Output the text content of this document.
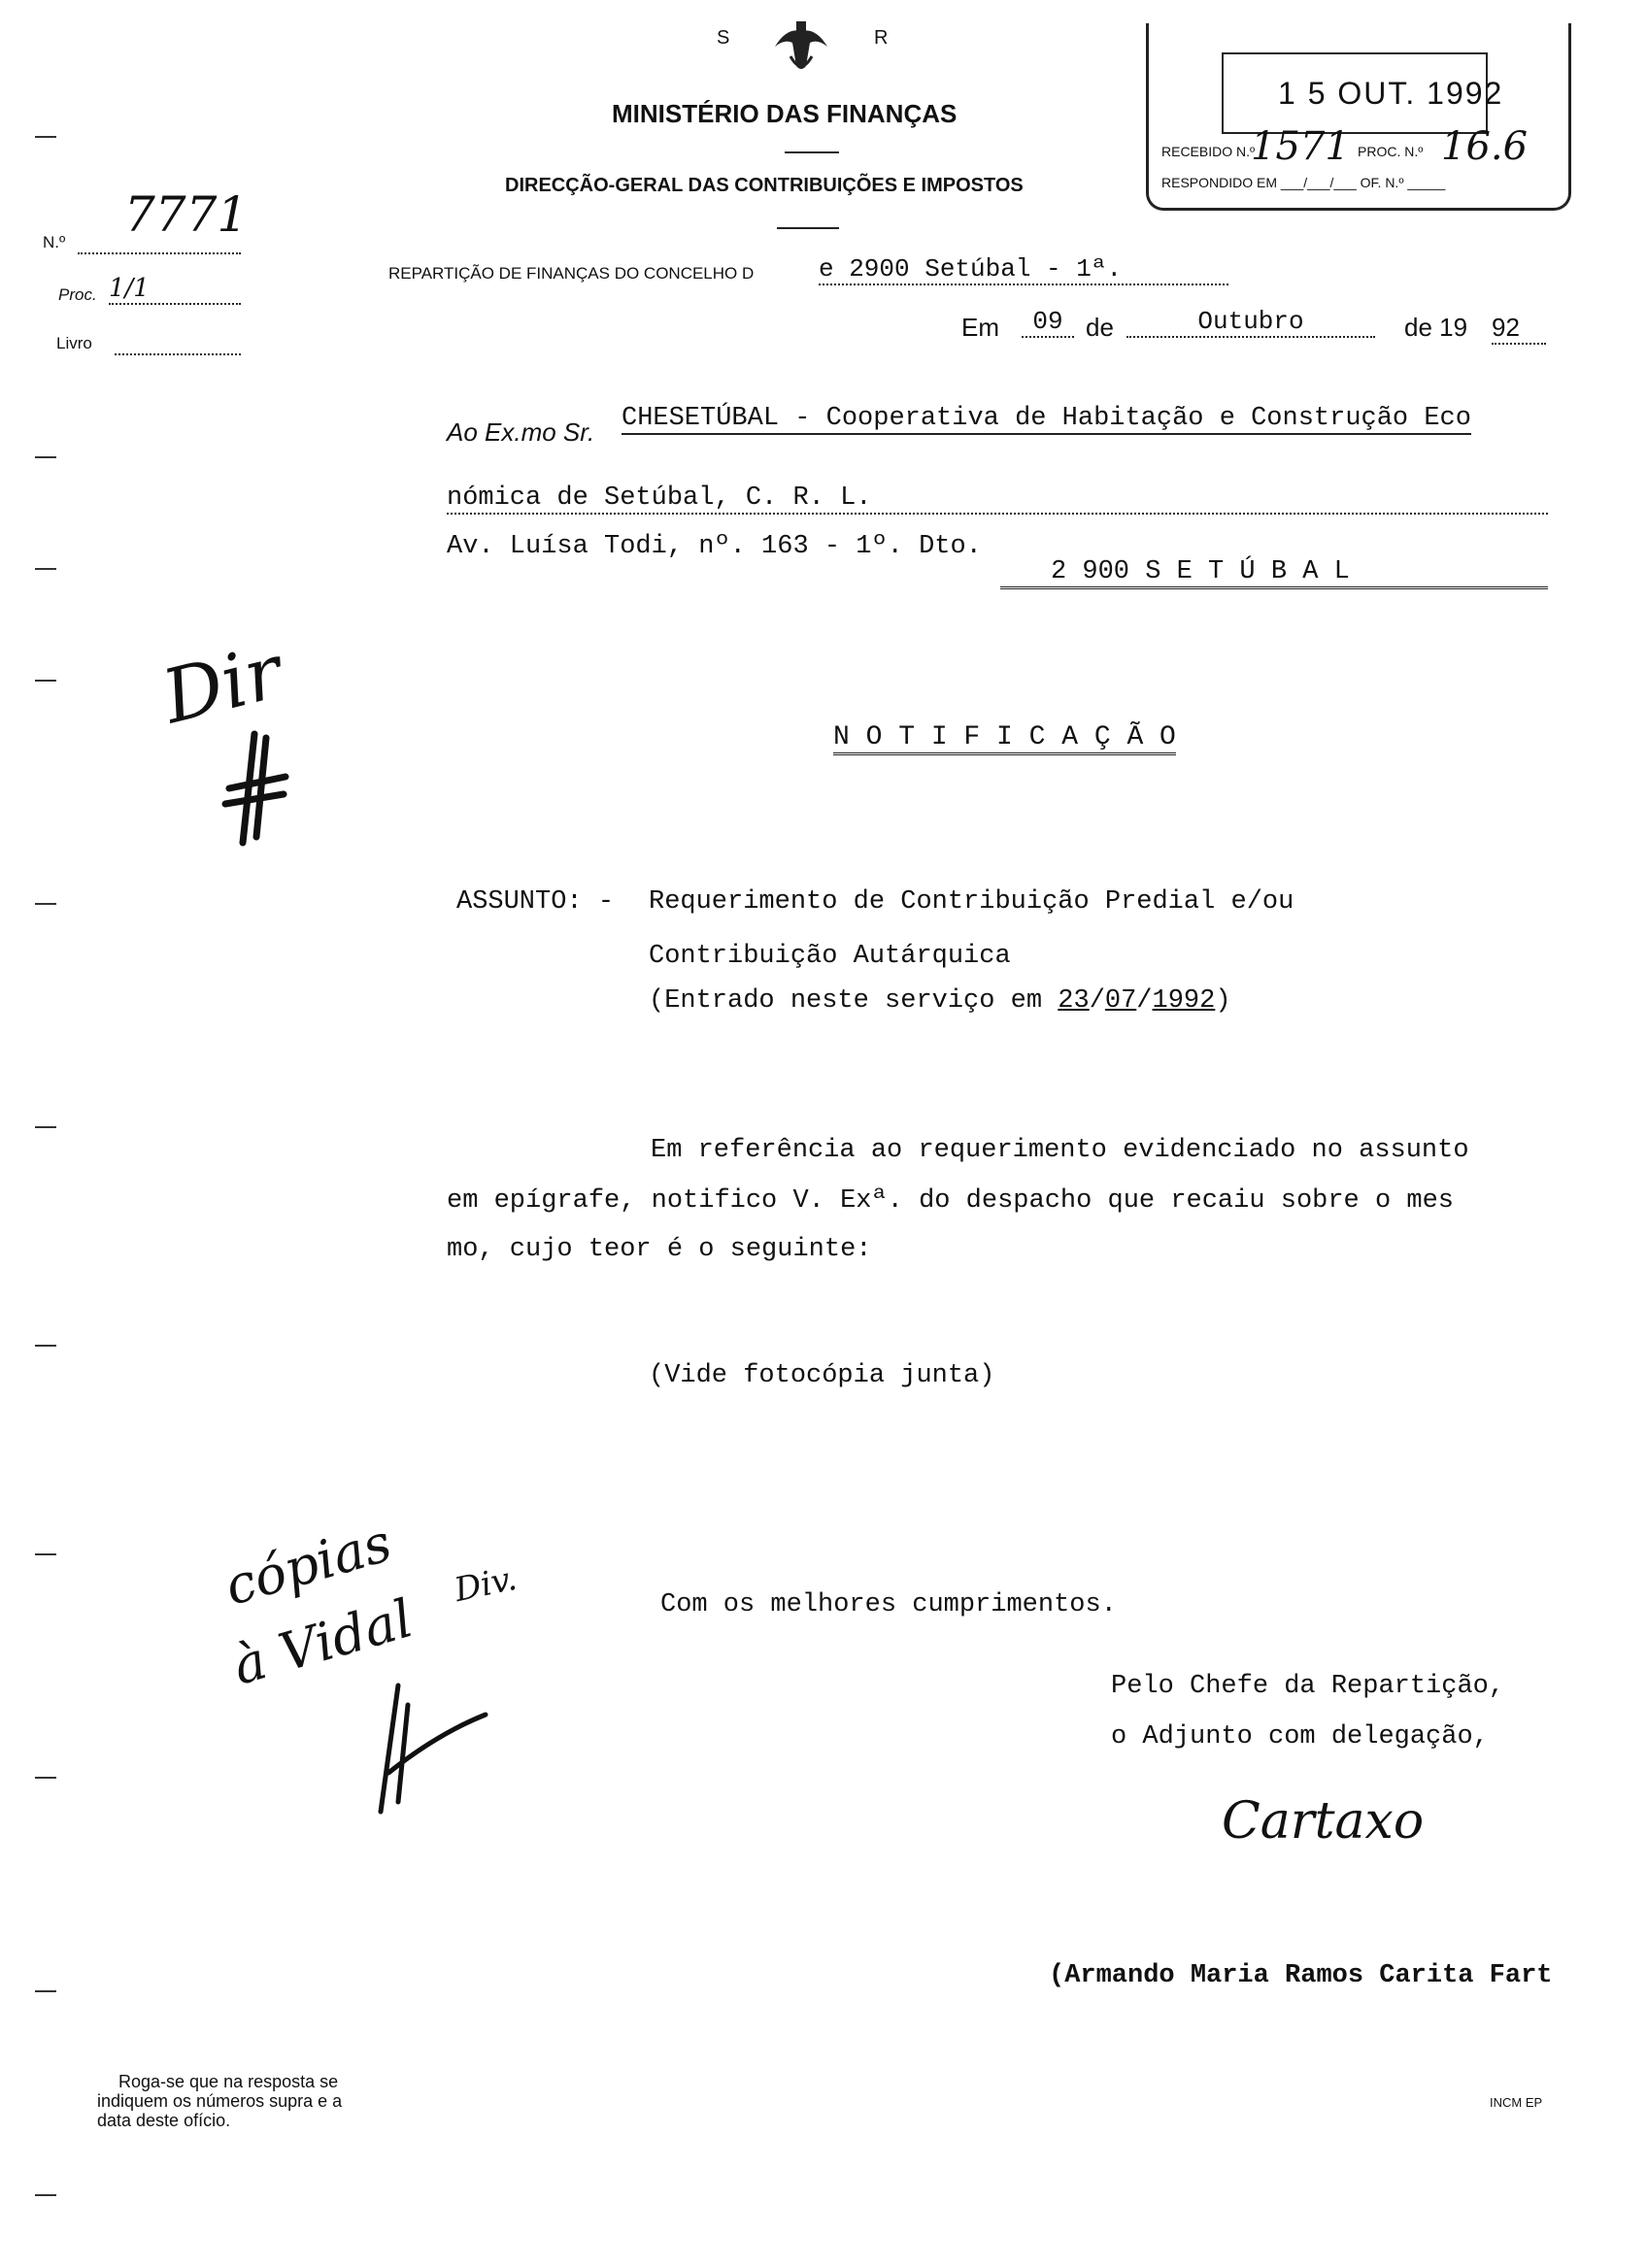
S	R
MINISTÉRIO DAS FINANÇAS
DIRECÇÃO-GERAL DAS CONTRIBUIÇÕES E IMPOSTOS
REPARTIÇÃO DE FINANÇAS DO CONCELHO D	e 2900 Setúbal - 1ª.
1 5 OUT. 1992
RECEBIDO N.º
1571 PROC. N.º 16.6
RESPONDIDO EM ___/___/___ OF. N.º _____
N.º 7771
Proc. 1/1
Livro
Em	09 de	Outubro	de 19 92
Ao Ex.mo Sr. CHESETÚBAL - Cooperativa de Habitação e Construção Eco
nómica de Setúbal, C. R. L.
Av. Luísa Todi, nº. 163 - 1º. Dto.
2 900 S E T Ú B A L
N O T I F I C A Ç Ã O
ASSUNTO: - Requerimento de Contribuição Predial e/ou
Contribuição Autárquica
(Entrado neste serviço em 23/07/1992)
Em referência ao requerimento evidenciado no assunto
em epígrafe, notifico V. Exª. do despacho que recaiu sobre o mes
mo, cujo teor é o seguinte:
(Vide fotocópia junta)
Com os melhores cumprimentos.
Pelo Chefe da Repartição,
o Adjunto com delegação,
Cartaxo
(Armando Maria Ramos Carita Fart
Dir
cópias
à Vidal
Div.
Roga-se que na resposta se
indiquem os números supra e a
data deste ofício.
INCM EP
